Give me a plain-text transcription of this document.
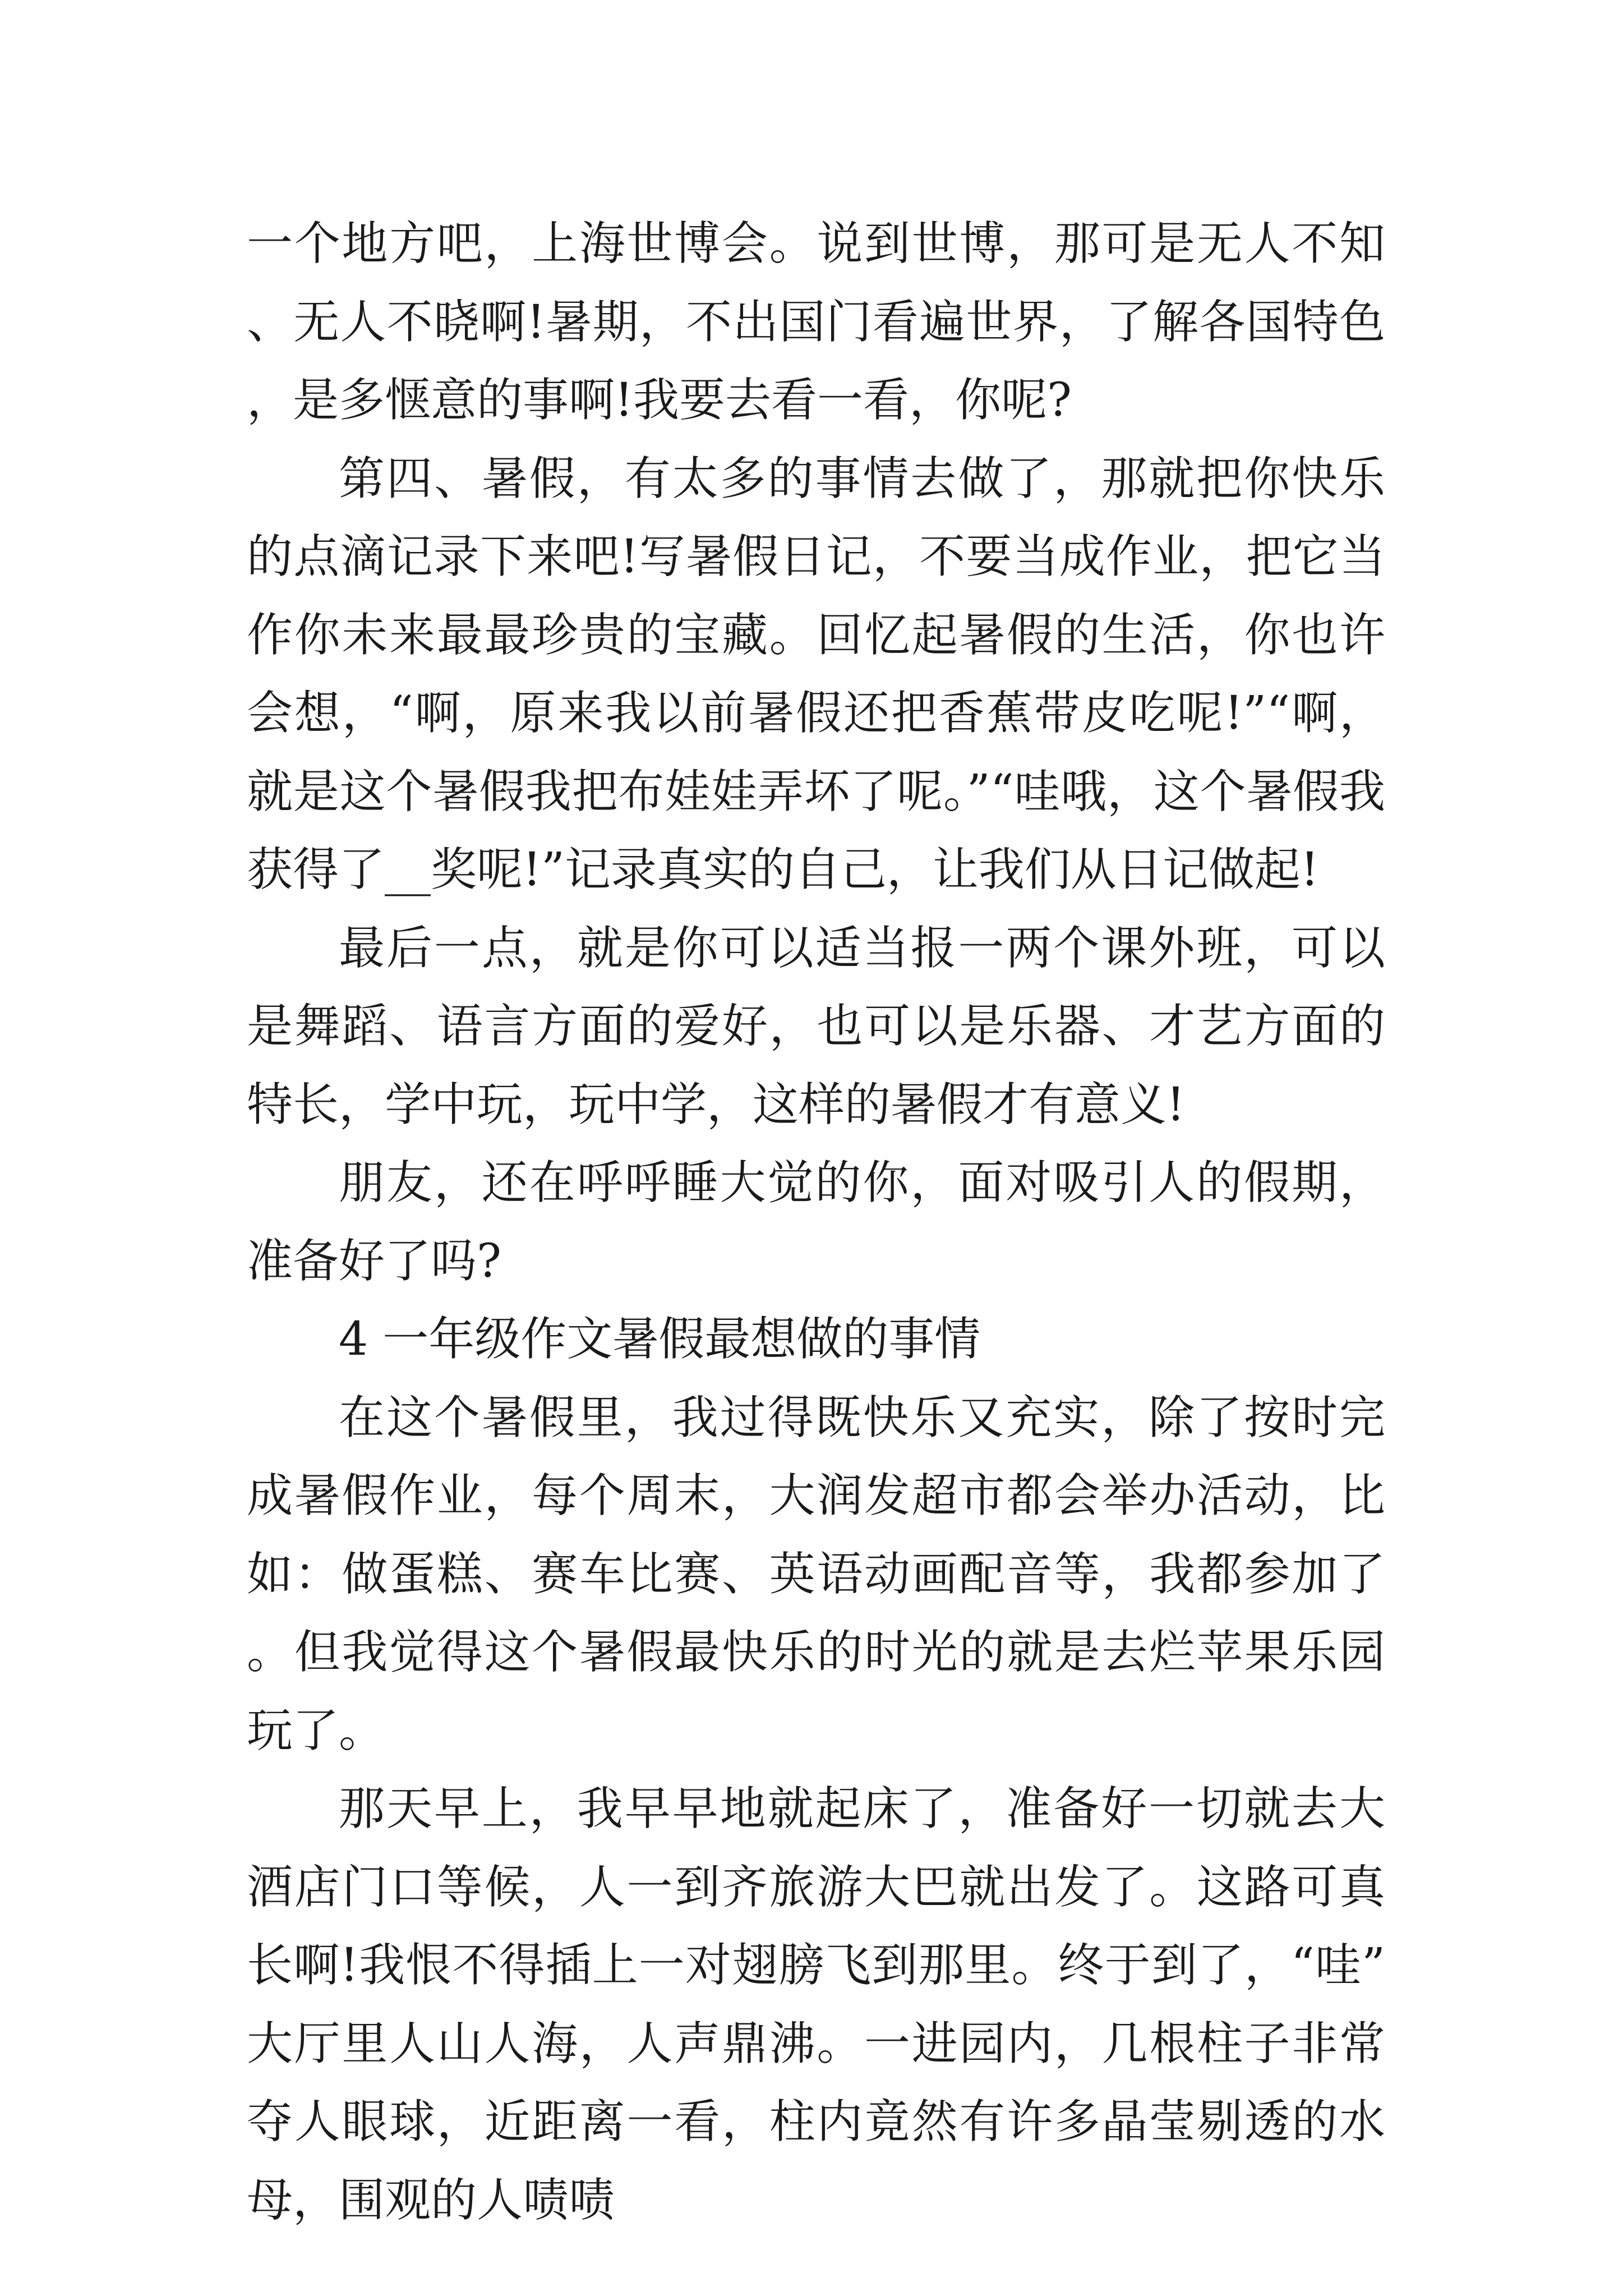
一个地方吧，上海世博会。说到世博，那可是无人不知、无人不晓啊!暑期，不出国门看遍世界，了解各国特色，是多惬意的事啊!我要去看一看，你呢?

第四、暑假，有太多的事情去做了，那就把你快乐的点滴记录下来吧!写暑假日记，不要当成作业，把它当作你未来最最珍贵的宝藏。回忆起暑假的生活，你也许会想，“啊，原来我以前暑假还把香蕉带皮吃呢!”“啊，就是这个暑假我把布娃娃弄坏了呢。”“哇哦，这个暑假我获得了__奖呢!”记录真实的自己，让我们从日记做起!

最后一点，就是你可以适当报一两个课外班，可以是舞蹈、语言方面的爱好，也可以是乐器、才艺方面的特长，学中玩，玩中学，这样的暑假才有意义!

朋友，还在呼呼睡大觉的你，面对吸引人的假期，准备好了吗?

4 一年级作文暑假最想做的事情

在这个暑假里，我过得既快乐又充实，除了按时完成暑假作业，每个周末，大润发超市都会举办活动，比如：做蛋糕、赛车比赛、英语动画配音等，我都参加了。但我觉得这个暑假最快乐的时光的就是去烂苹果乐园玩了。

那天早上，我早早地就起床了，准备好一切就去大酒店门口等候，人一到齐旅游大巴就出发了。这路可真长啊!我恨不得插上一对翅膀飞到那里。终于到了，“哇”大厅里人山人海，人声鼎沸。一进园内，几根柱子非常夺人眼球，近距离一看，柱内竟然有许多晶莹剔透的水母，围观的人啧啧
